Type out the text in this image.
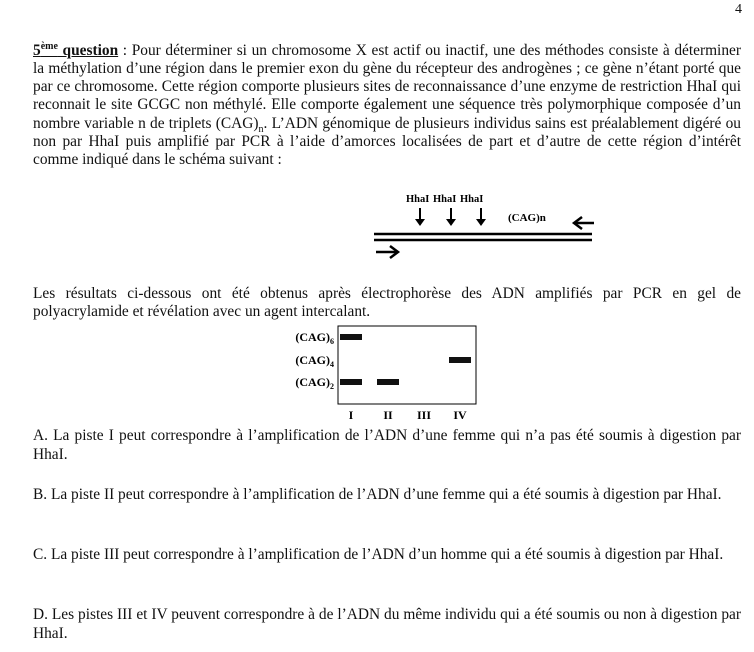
4
5ème question : Pour déterminer si un chromosome X est actif ou inactif, une des méthodes consiste à déterminer la méthylation d’une région dans le premier exon du gène du récepteur des androgènes ; ce gène n’étant porté que par ce chromosome. Cette région comporte plusieurs sites de reconnaissance d’une enzyme de restriction HhaI qui reconnait le site GCGC non méthylé. Elle comporte également une séquence très polymorphique composée d’un nombre variable n de triplets $(CAG)_n$. L’ADN génomique de plusieurs individus sains est préalablement digéré ou non par HhaI puis amplifié par PCR à l’aide d’amorces localisées de part et d’autre de cette région d’intérêt comme indiqué dans le schéma suivant :
HhaI HhaI HhaI
(CAG)n
Les résultats ci-dessous ont été obtenus après électrophorèse des ADN amplifiés par PCR en gel de polyacrylamide et révélation avec un agent intercalant.
$(CAG)_6$
$(CAG)_4$
$(CAG)_2$
I II III IV
A. La piste I peut correspondre à l’amplification de l’ADN d’une femme qui n’a pas été soumis à digestion par HhaI.
B. La piste II peut correspondre à l’amplification de l’ADN d’une femme qui a été soumis à digestion par HhaI.
C. La piste III peut correspondre à l’amplification de l’ADN d’un homme qui a été soumis à digestion par HhaI.
D. Les pistes III et IV peuvent correspondre à de l’ADN du même individu qui a été soumis ou non à digestion par HhaI.
